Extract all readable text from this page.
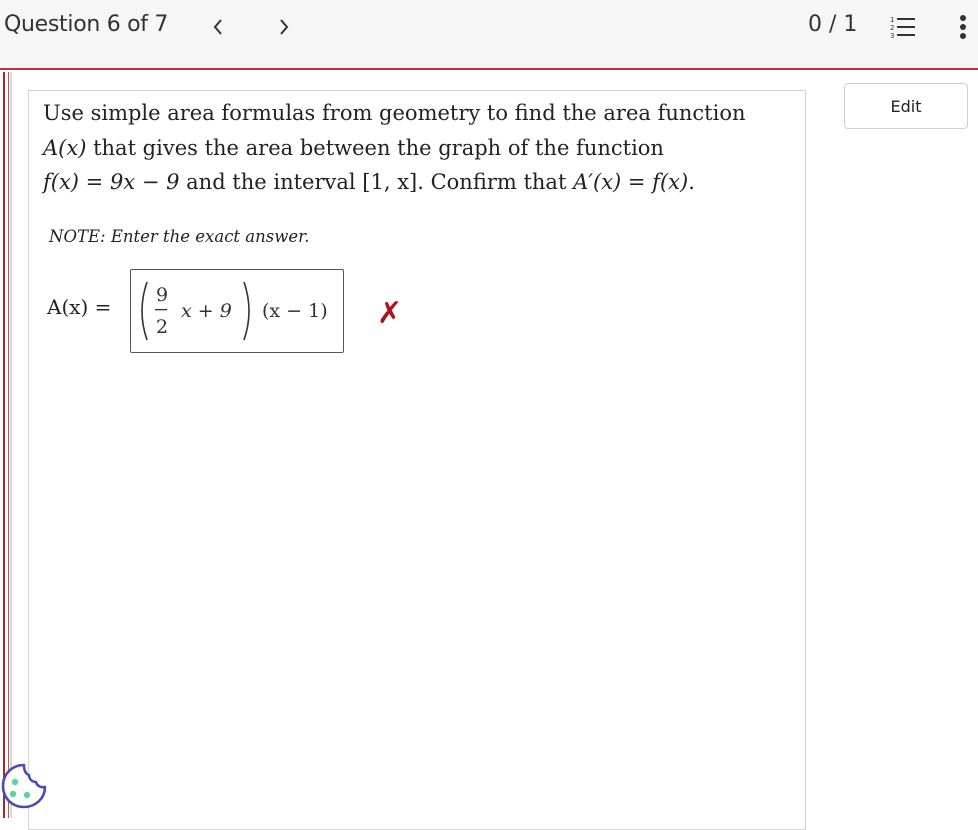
Question 6 of 7	0 / 1	1
2
3
Edit
Use simple area formulas from geometry to find the area function
A(x) that gives the area between the graph of the function
f(x) = 9x − 9 and the interval [1, x]. Confirm that A′(x) = f(x).
NOTE: Enter the exact answer.
A(x) = 9
2
x + 9 (x − 1) ✗
